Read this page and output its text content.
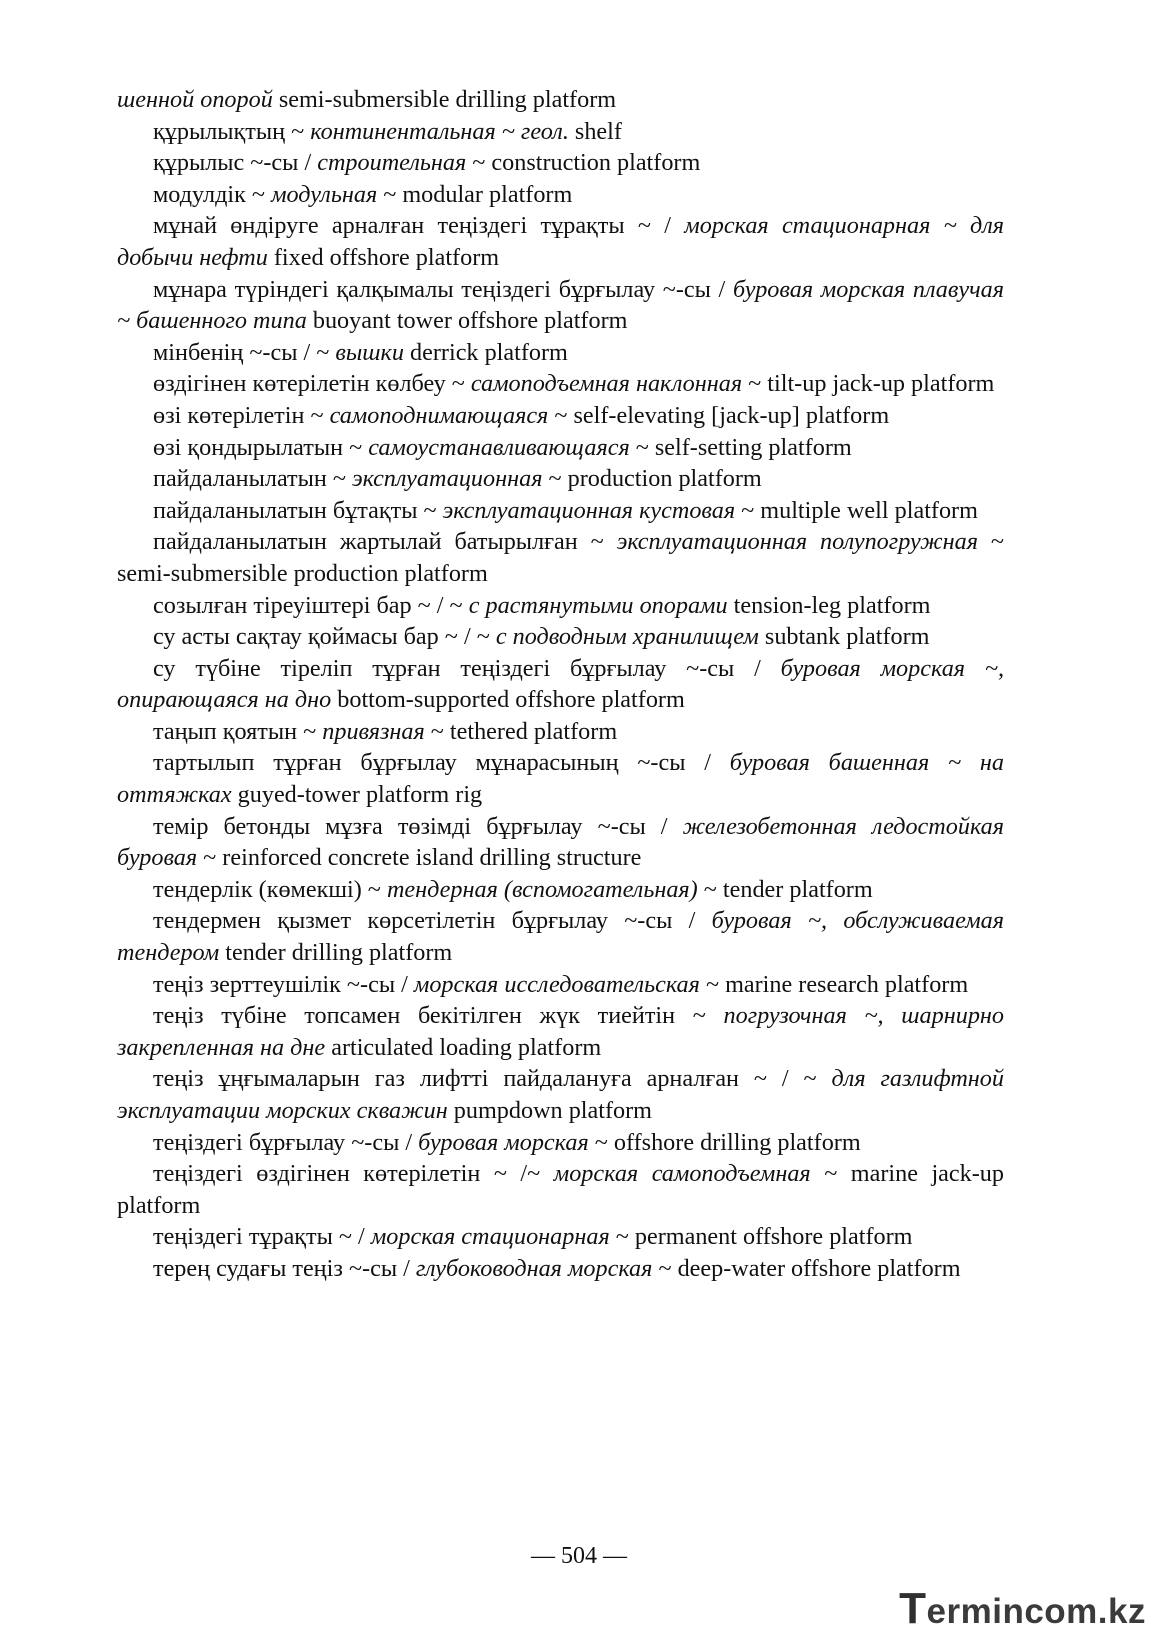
шенной опорой semi-submersible drilling platform

құрылықтың ~ континентальная ~ геол. shelf

құрылыс ~-сы / строительная ~ construction platform

модулдік ~ модульная ~ modular platform

мұнай өндіруге арналған теңіздегі тұрақты ~ / морская стационарная ~ для добычи нефти fixed offshore platform

мұнара түріндегі қалқымалы теңіздегі бұрғылау ~-сы / буровая морская плавучая ~ башенного типа buoyant tower offshore platform

мінбенің ~-сы / ~ вышки derrick platform

өздігінен көтерілетін көлбеу ~ самоподъемная наклонная ~ tilt-up jack-up platform

өзі көтерілетін ~ самоподнимающаяся ~ self-elevating [jack-up] platform

өзі қондырылатын ~ самоустанавливающаяся ~ self-setting platform

пайдаланылатын ~ эксплуатационная ~ production platform

пайдаланылатын бұтақты ~ эксплуатационная кустовая ~ multiple well platform

пайдаланылатын жартылай батырылған ~ эксплуатационная полупогружная ~ semi-submersible production platform

созылған тіреуіштері бар ~ / ~ с растянутыми опорами tension-leg platform

су асты сақтау қоймасы бар ~ / ~ с подводным хранилищем subtank platform

су түбіне тіреліп тұрған теңіздегі бұрғылау ~-сы / буровая морская ~, опирающаяся на дно bottom-supported offshore platform

таңып қоятын ~ привязная ~ tethered platform

тартылып тұрған бұрғылау мұнарасының ~-сы / буровая башенная ~ на оттяжках guyed-tower platform rig

темір бетонды мұзға төзімді бұрғылау ~-сы / железобетонная ледостойкая буровая ~ reinforced concrete island drilling structure

тендерлік (көмекші) ~ тендерная (вспомогательная) ~ tender platform

тендермен қызмет көрсетілетін бұрғылау ~-сы / буровая ~, обслуживаемая тендером tender drilling platform

теңіз зерттеушілік ~-сы / морская исследовательская ~ marine research platform

теңіз түбіне топсамен бекітілген жүк тиейтін ~ погрузочная ~, шарнирно закрепленная на дне articulated loading platform

теңіз ұңғымаларын газ лифтті пайдалануға арналған ~ / ~ для газлифтной эксплуатации морских скважин pumpdown platform

теңіздегі бұрғылау ~-сы / буровая морская ~ offshore drilling platform

теңіздегі өздігінен көтерілетін ~ /~ морская самоподъемная ~ marine jack-up platform

теңіздегі тұрақты ~ / морская стационарная ~ permanent offshore platform

терең судағы теңіз ~-сы / глубоководная морская ~ deep-water offshore platform

— 504 —
Termincom.kz
